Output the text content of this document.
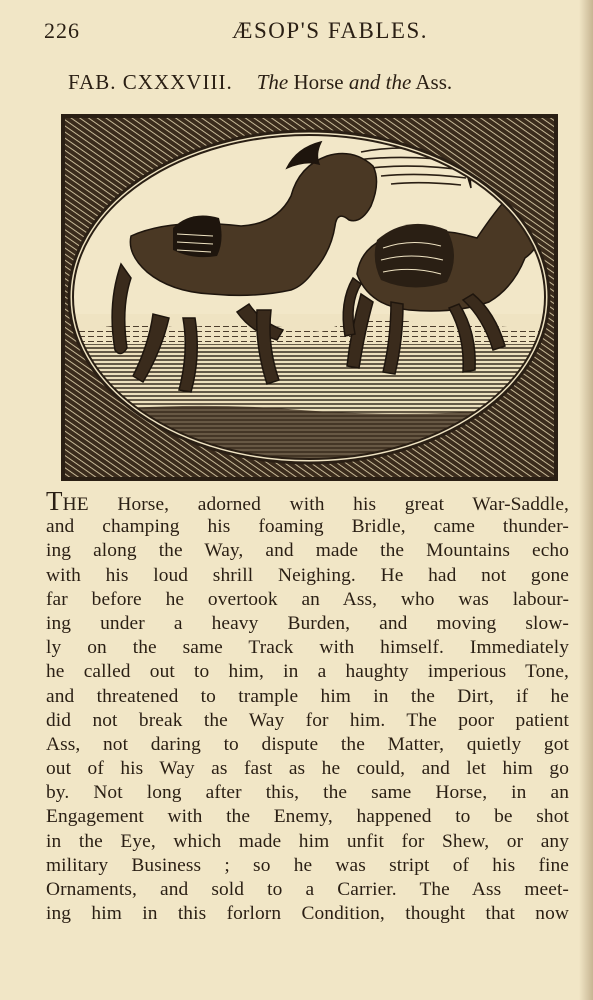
226	ÆSOP'S FABLES.
FAB. CXXXVIII. The Horse and the Ass.
THE Horse, adorned with his great War-Saddle,
and champing his foaming Bridle, came thunder-
ing along the Way, and made the Mountains echo
with his loud shrill Neighing. He had not gone
far before he overtook an Ass, who was labour-
ing under a heavy Burden, and moving slow-
ly on the same Track with himself. Immediately
he called out to him, in a haughty imperious Tone,
and threatened to trample him in the Dirt, if he
did not break the Way for him. The poor patient
Ass, not daring to dispute the Matter, quietly got
out of his Way as fast as he could, and let him go
by. Not long after this, the same Horse, in an
Engagement with the Enemy, happened to be shot
in the Eye, which made him unfit for Shew, or any
military Business ; so he was stript of his fine
Ornaments, and sold to a Carrier. The Ass meet-
ing him in this forlorn Condition, thought that now
